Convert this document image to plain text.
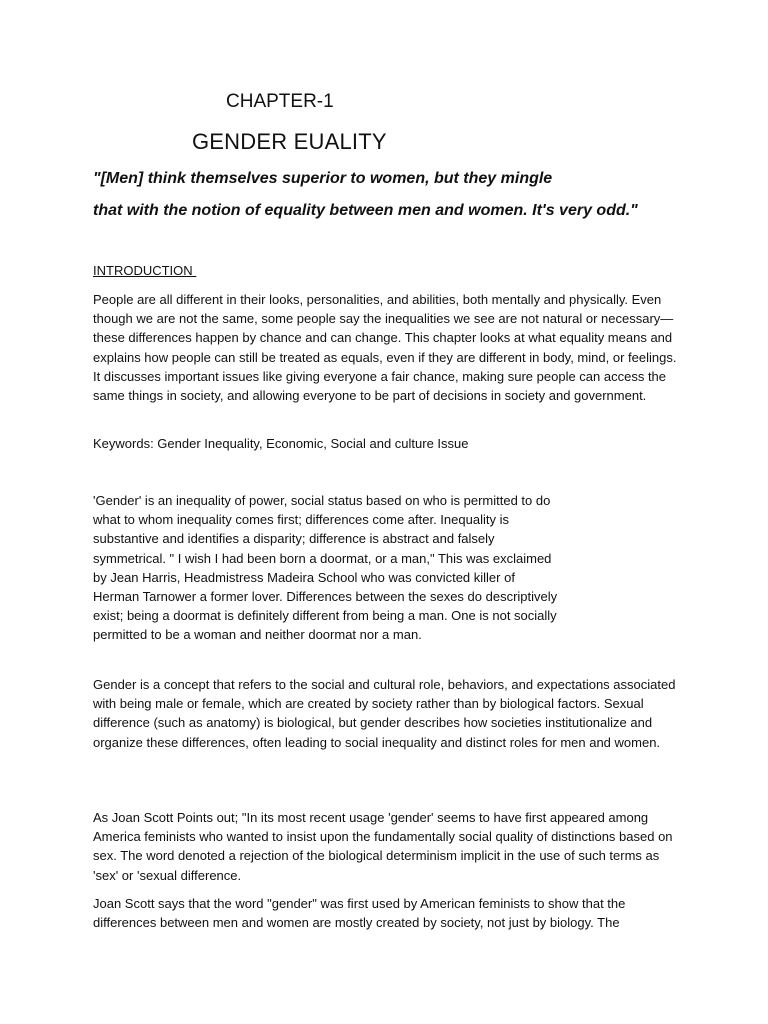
CHAPTER-1
GENDER EUALITY
"[Men] think themselves superior to women, but they mingle
that with the notion of equality between men and women. It's very odd."
INTRODUCTION

People are all different in their looks, personalities, and abilities, both mentally and physically. Even though we are not the same, some people say the inequalities we see are not natural or necessary—these differences happen by chance and can change. This chapter looks at what equality means and explains how people can still be treated as equals, even if they are different in body, mind, or feelings. It discusses important issues like giving everyone a fair chance, making sure people can access the same things in society, and allowing everyone to be part of decisions in society and government.

Keywords: Gender Inequality, Economic, Social and culture Issue

'Gender' is an inequality of power, social status based on who is permitted to do what to whom inequality comes first; differences come after. Inequality is substantive and identifies a disparity; difference is abstract and falsely symmetrical. " I wish I had been born a doormat, or a man," This was exclaimed by Jean Harris, Headmistress Madeira School who was convicted killer of Herman Tarnower a former lover. Differences between the sexes do descriptively exist; being a doormat is definitely different from being a man. One is not socially permitted to be a woman and neither doormat nor a man.

Gender is a concept that refers to the social and cultural role, behaviors, and expectations associated with being male or female, which are created by society rather than by biological factors. Sexual difference (such as anatomy) is biological, but gender describes how societies institutionalize and organize these differences, often leading to social inequality and distinct roles for men and women.

As Joan Scott Points out; "In its most recent usage 'gender' seems to have first appeared among America feminists who wanted to insist upon the fundamentally social quality of distinctions based on sex. The word denoted a rejection of the biological determinism implicit in the use of such terms as 'sex' or 'sexual difference.

Joan Scott says that the word "gender" was first used by American feminists to show that the differences between men and women are mostly created by society, not just by biology. The
